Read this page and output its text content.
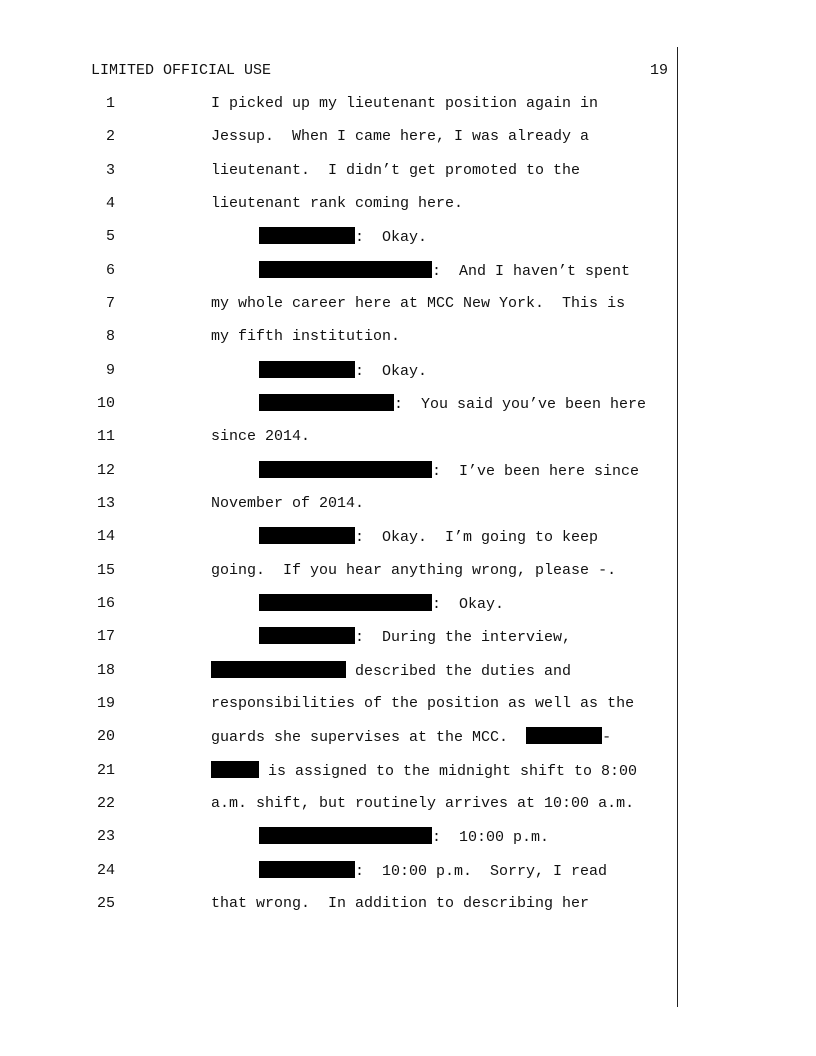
LIMITED OFFICIAL USE	19
1	I picked up my lieutenant position again in
2	Jessup.  When I came here, I was already a
3	lieutenant.  I didn’t get promoted to the
4	lieutenant rank coming here.
5	:  Okay.
6	:  And I haven’t spent
7	my whole career here at MCC New York.  This is
8	my fifth institution.
9	:  Okay.
10	:  You said you’ve been here
11	since 2014.
12	:  I’ve been here since
13	November of 2014.
14	:  Okay.  I’m going to keep
15	going.  If you hear anything wrong, please -.
16	:  Okay.
17	:  During the interview,
18	described the duties and
19	responsibilities of the position as well as the
20	guards she supervises at the MCC.	-
21	is assigned to the midnight shift to 8:00
22	a.m. shift, but routinely arrives at 10:00 a.m.
23	:  10:00 p.m.
24	:  10:00 p.m.  Sorry, I read
25	that wrong.  In addition to describing her
